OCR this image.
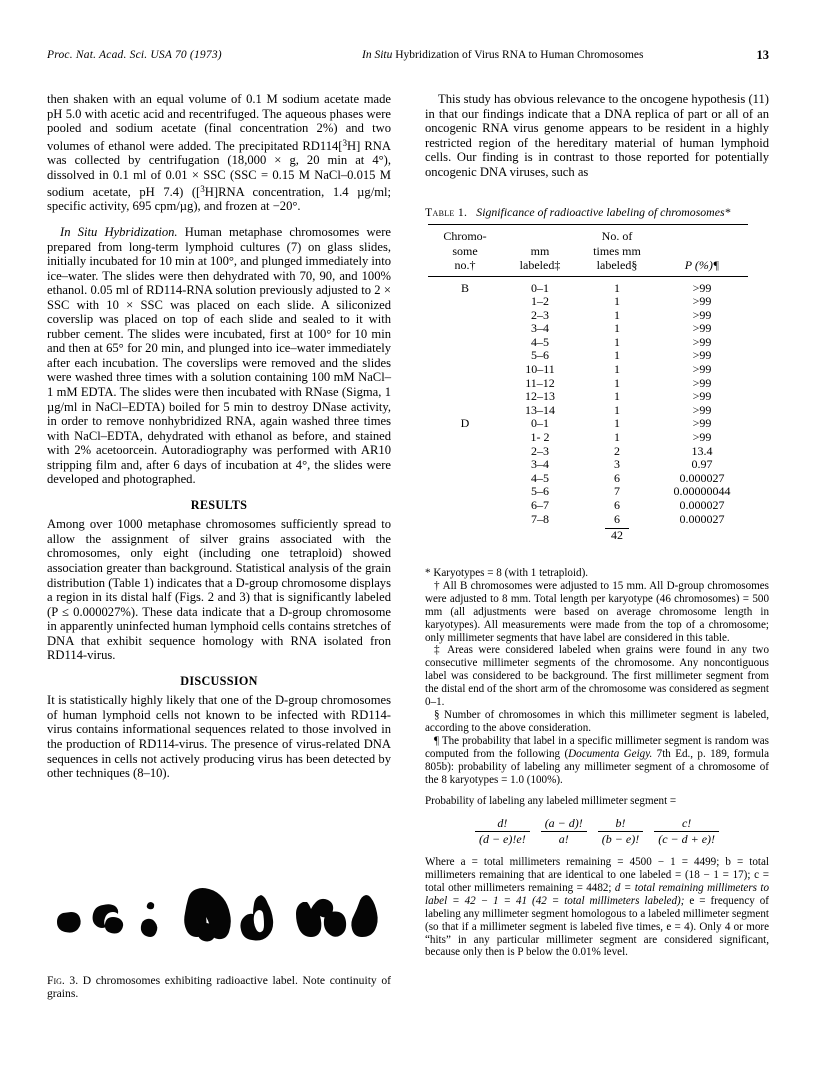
Proc. Nat. Acad. Sci. USA 70 (1973)	In Situ Hybridization of Virus RNA to Human Chromosomes	13

then shaken with an equal volume of 0.1 M sodium acetate made pH 5.0 with acetic acid and recentrifuged. The aqueous phases were pooled and sodium acetate (final concentration 2%) and two volumes of ethanol were added. The precipitated RD114[$^3$H] RNA was collected by centrifugation (18,000 × g, 20 min at 4°), dissolved in 0.1 ml of 0.01 × SSC (SSC = 0.15 M NaCl–0.015 M sodium acetate, pH 7.4) ([$^3$H]RNA concentration, 1.4 µg/ml; specific activity, 695 cpm/µg), and frozen at −20°.

In Situ Hybridization. Human metaphase chromosomes were prepared from long-term lymphoid cultures (7) on glass slides, initially incubated for 10 min at 100°, and plunged immediately into ice–water. The slides were then dehydrated with 70, 90, and 100% ethanol. 0.05 ml of RD114-RNA solution previously adjusted to 2 × SSC with 10 × SSC was placed on each slide. A siliconized coverslip was placed on top of each slide and sealed to it with rubber cement. The slides were incubated, first at 100° for 10 min and then at 65° for 20 min, and plunged into ice–water immediately after each incubation. The coverslips were removed and the slides were washed three times with a solution containing 100 mM NaCl–1 mM EDTA. The slides were then incubated with RNase (Sigma, 1 µg/ml in NaCl–EDTA) boiled for 5 min to destroy DNase activity, in order to remove nonhybridized RNA, again washed three times with NaCl–EDTA, dehydrated with ethanol as before, and stained with 2% acetoorcein. Autoradiography was performed with AR10 stripping film and, after 6 days of incubation at 4°, the slides were developed and photographed.

RESULTS

Among over 1000 metaphase chromosomes sufficiently spread to allow the assignment of silver grains associated with the chromosomes, only eight (including one tetraploid) showed association greater than background. Statistical analysis of the grain distribution (Table 1) indicates that a D-group chromosome displays a region in its distal half (Figs. 2 and 3) that is significantly labeled (P ≤ 0.000027%). These data indicate that a D-group chromosome in apparently uninfected human lymphoid cells contains stretches of DNA that exhibit sequence homology with RNA isolated fron RD114-virus.

DISCUSSION

It is statistically highly likely that one of the D-group chromosomes of human lymphoid cells not known to be infected with RD114-virus contains informational sequences related to those involved in the production of RD114-virus. The presence of virus-related DNA sequences in cells not actively producing virus has been detected by other techniques (8–10).

Fig. 3. D chromosomes exhibiting radioactive label. Note continuity of grains.

This study has obvious relevance to the oncogene hypothesis (11) in that our findings indicate that a DNA replica of part or all of an oncogenic RNA virus genome appears to be resident in a highly restricted region of the hereditary material of human lymphoid cells. Our finding is in contrast to those reported for potentially oncogenic DNA viruses, such as

Table 1. Significance of radioactive labeling of chromosomes*
Chromo-		No. of	
some	mm	times mm	
no.†	labeled‡	labeled§	P (%)¶
B	0–1	1	>99
	1–2	1	>99
	2–3	1	>99
	3–4	1	>99
	4–5	1	>99
	5–6	1	>99
	10–11	1	>99
	11–12	1	>99
	12–13	1	>99
	13–14	1	>99
D	0–1	1	>99
	1- 2	1	>99
	2–3	2	13.4
	3–4	3	0.97
	4–5	6	0.000027
	5–6	7	0.00000044
	6–7	6	0.000027
	7–8	6	0.000027

		42	

* Karyotypes = 8 (with 1 tetraploid).

† All B chromosomes were adjusted to 15 mm. All D-group chromosomes were adjusted to 8 mm. Total length per karyotype (46 chromosomes) = 500 mm (all adjustments were based on average chromosome length in karyotypes). All measurements were made from the top of a chromosome; only millimeter segments that have label are considered in this table.

‡ Areas were considered labeled when grains were found in any two consecutive millimeter segments of the chromosome. Any noncontiguous label was considered to be background. The first millimeter segment from the distal end of the short arm of the chromosome was considered as segment 0–1.

§ Number of chromosomes in which this millimeter segment is labeled, according to the above consideration.

¶ The probability that label in a specific millimeter segment is random was computed from the following (Documenta Geigy. 7th Ed., p. 189, formula 805b): probability of labeling any millimeter segment of a chromosome of the 8 karyotypes = 1.0 (100%).

Probability of labeling any labeled millimeter segment =

$\frac{d!}{(d - e)!e!}$
$\frac{(a - d)!}{a!}$
$\frac{b!}{(b - e)!}$
$\frac{c!}{(c - d + e)!}$

Where a = total millimeters remaining = 4500 − 1 = 4499; b = total millimeters remaining that are identical to one labeled = (18 − 1 = 17); c = total other millimeters remaining = 4482; d = total remaining millimeters to label = 42 − 1 = 41 (42 = total millimeters labeled); e = frequency of labeling any millimeter segment homologous to a labeled millimeter segment (so that if a millimeter segment is labeled five times, e = 4). Only 4 or more “hits” in any particular millimeter segment are considered significant, because only then is P below the 0.01% level.
